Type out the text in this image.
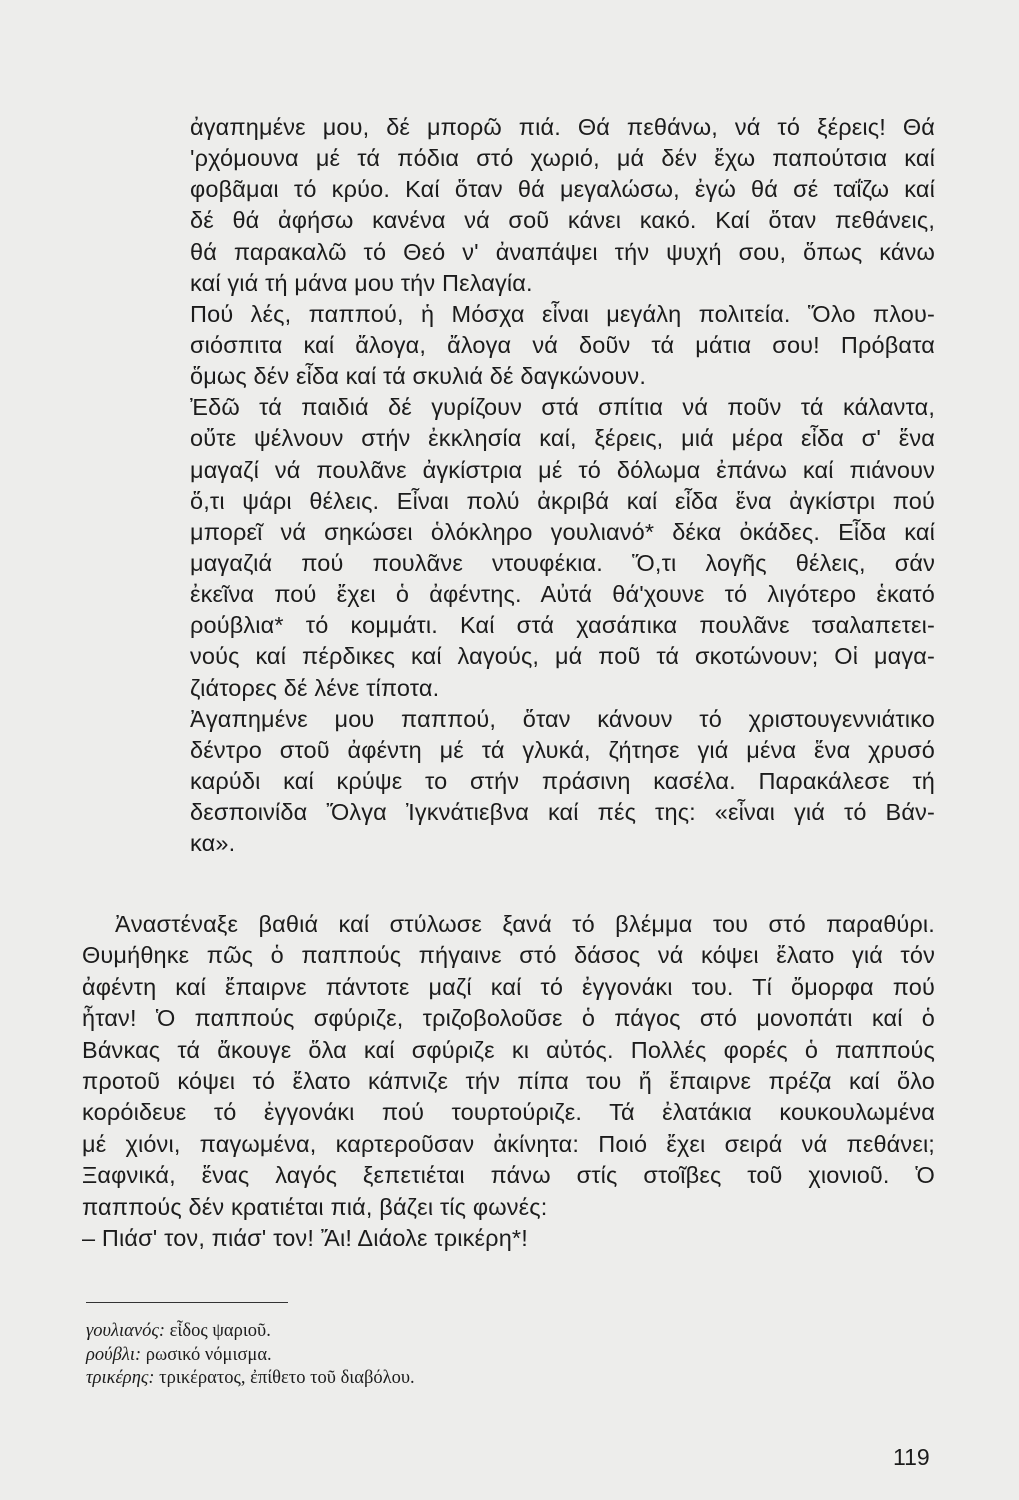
ἀγαπημένε μου, δέ μπορῶ πιά. Θά πεθάνω, νά τό ξέρεις! Θά
'ρχόμουνα μέ τά πόδια στό χωριό, μά δέν ἔχω παπούτσια καί
φοβᾶμαι τό κρύο. Καί ὅταν θά μεγαλώσω, ἐγώ θά σέ ταΐζω καί
δέ θά ἀφήσω κανένα νά σοῦ κάνει κακό. Καί ὅταν πεθάνεις,
θά παρακαλῶ τό Θεό ν' ἀναπάψει τήν ψυχή σου, ὅπως κάνω
καί γιά τή μάνα μου τήν Πελαγία.
Πού λές, παππού, ἡ Μόσχα εἶναι μεγάλη πολιτεία. Ὅλο πλου-
σιόσπιτα καί ἄλογα, ἄλογα νά δοῦν τά μάτια σου! Πρόβατα
ὅμως δέν εἶδα καί τά σκυλιά δέ δαγκώνουν.
Ἐδῶ τά παιδιά δέ γυρίζουν στά σπίτια νά ποῦν τά κάλαντα,
οὔτε ψέλνουν στήν ἐκκλησία καί, ξέρεις, μιά μέρα εἶδα σ' ἕνα
μαγαζί νά πουλᾶνε ἀγκίστρια μέ τό δόλωμα ἐπάνω καί πιάνουν
ὅ,τι ψάρι θέλεις. Εἶναι πολύ ἀκριβά καί εἶδα ἕνα ἀγκίστρι πού
μπορεῖ νά σηκώσει ὁλόκληρο γουλιανό* δέκα ὀκάδες. Εἶδα καί
μαγαζιά πού πουλᾶνε ντουφέκια. Ὅ,τι λογῆς θέλεις, σάν
ἐκεῖνα πού ἔχει ὁ ἀφέντης. Αὐτά θά'χουνε τό λιγότερο ἑκατό
ρούβλια* τό κομμάτι. Καί στά χασάπικα πουλᾶνε τσαλαπετει-
νούς καί πέρδικες καί λαγούς, μά ποῦ τά σκοτώνουν; Οἱ μαγα-
ζιάτορες δέ λένε τίποτα.
Ἀγαπημένε μου παππού, ὅταν κάνουν τό χριστουγεννιάτικο
δέντρο στοῦ ἀφέντη μέ τά γλυκά, ζήτησε γιά μένα ἕνα χρυσό
καρύδι καί κρύψε το στήν πράσινη κασέλα. Παρακάλεσε τή
δεσποινίδα Ὄλγα Ἰγκνάτιεβνα καί πές της: «εἶναι γιά τό Βάν-
κα».
Ἀναστέναξε βαθιά καί στύλωσε ξανά τό βλέμμα του στό παραθύρι.
Θυμήθηκε πῶς ὁ παππούς πήγαινε στό δάσος νά κόψει ἔλατο γιά τόν
ἀφέντη καί ἔπαιρνε πάντοτε μαζί καί τό ἐγγονάκι του. Τί ὄμορφα πού
ἦταν! Ὁ παππούς σφύριζε, τριζοβολοῦσε ὁ πάγος στό μονοπάτι καί ὁ
Βάνκας τά ἄκουγε ὅλα καί σφύριζε κι αὐτός. Πολλές φορές ὁ παππούς
προτοῦ κόψει τό ἔλατο κάπνιζε τήν πίπα του ἤ ἔπαιρνε πρέζα καί ὅλο
κορόιδευε τό ἐγγονάκι πού τουρτούριζε. Τά ἐλατάκια κουκουλωμένα
μέ χιόνι, παγωμένα, καρτεροῦσαν ἀκίνητα: Ποιό ἔχει σειρά νά πεθάνει;
Ξαφνικά, ἕνας λαγός ξεπετιέται πάνω στίς στοῖβες τοῦ χιονιοῦ. Ὁ
παππούς δέν κρατιέται πιά, βάζει τίς φωνές:
– Πιάσ' τον, πιάσ' τον! Ἄι! Διάολε τρικέρη*!
γουλιανός: εἶδος ψαριοῦ.
ρούβλι: ρωσικό νόμισμα.
τρικέρης: τρικέρατος, ἐπίθετο τοῦ διαβόλου.
119
